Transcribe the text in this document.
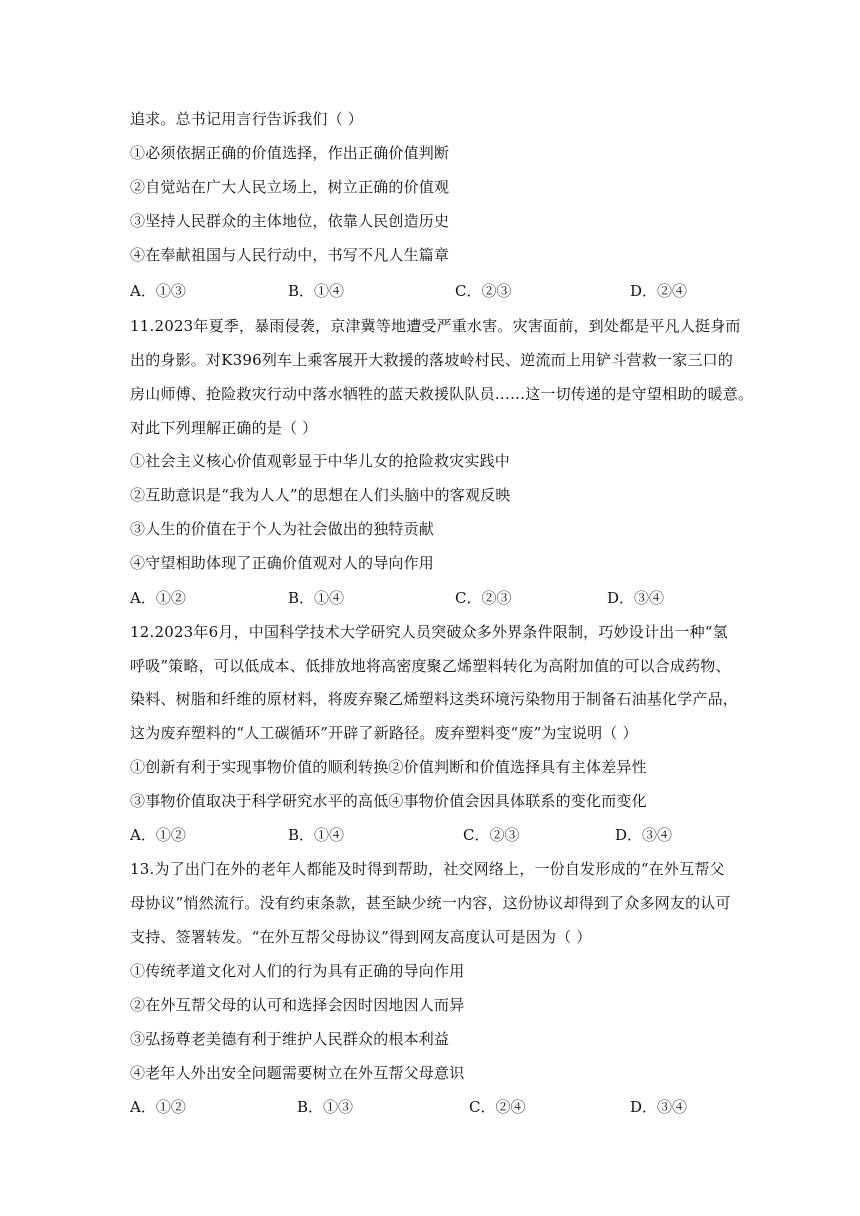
追求。总书记用言行告诉我们（ ）
①必须依据正确的价值选择，作出正确价值判断
②自觉站在广大人民立场上，树立正确的价值观
③坚持人民群众的主体地位，依靠人民创造历史
④在奉献祖国与人民行动中，书写不凡人生篇章
A．①③	B．①④	C．②③	D．②④
11.2023年夏季，暴雨侵袭，京津冀等地遭受严重水害。灾害面前，到处都是平凡人挺身而
出的身影。对K396列车上乘客展开大救援的落坡岭村民、逆流而上用铲斗营救一家三口的
房山师傅、抢险救灾行动中落水牺牲的蓝天救援队队员……这一切传递的是守望相助的暖意。
对此下列理解正确的是（ ）
①社会主义核心价值观彰显于中华儿女的抢险救灾实践中
②互助意识是“我为人人”的思想在人们头脑中的客观反映
③人生的价值在于个人为社会做出的独特贡献
④守望相助体现了正确价值观对人的导向作用
A．①②	B．①④	C．②③	D．③④
12.2023年6月，中国科学技术大学研究人员突破众多外界条件限制，巧妙设计出一种“氢
呼吸”策略，可以低成本、低排放地将高密度聚乙烯塑料转化为高附加值的可以合成药物、
染料、树脂和纤维的原材料，将废弃聚乙烯塑料这类环境污染物用于制备石油基化学产品，
这为废弃塑料的“人工碳循环”开辟了新路径。废弃塑料变“废”为宝说明（ ）
①创新有利于实现事物价值的顺利转换②价值判断和价值选择具有主体差异性
③事物价值取决于科学研究水平的高低④事物价值会因具体联系的变化而变化
A．①②	B．①④	C．②③	D．③④
13.为了出门在外的老年人都能及时得到帮助，社交网络上，一份自发形成的“在外互帮父
母协议”悄然流行。没有约束条款，甚至缺少统一内容，这份协议却得到了众多网友的认可
支持、签署转发。“在外互帮父母协议”得到网友高度认可是因为（ ）
①传统孝道文化对人们的行为具有正确的导向作用
②在外互帮父母的认可和选择会因时因地因人而异
③弘扬尊老美德有利于维护人民群众的根本利益
④老年人外出安全问题需要树立在外互帮父母意识
A．①②	B．①③	C．②④	D．③④
